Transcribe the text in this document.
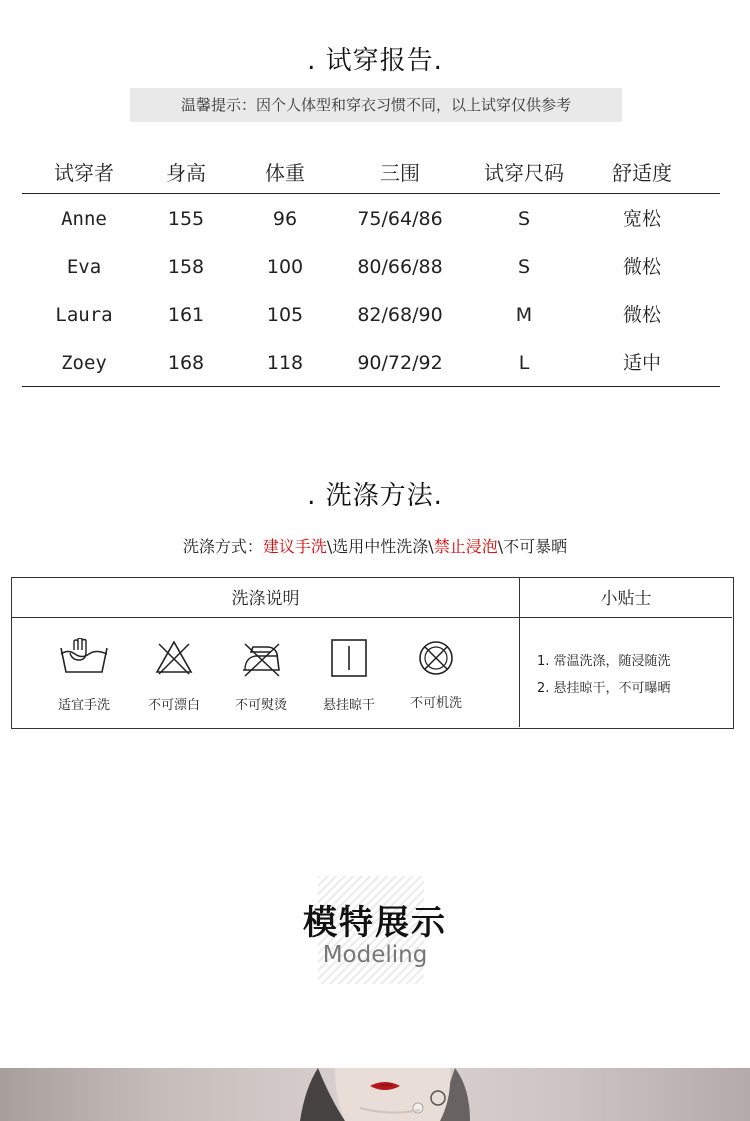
. 试穿报告.
温馨提示：因个人体型和穿衣习惯不同，以上试穿仅供参考
试穿者	身高	体重	三围	试穿尺码	舒适度
Anne	155	96	75/64/86	S	宽松
Eva	158	100	80/66/88	S	微松
Laura	161	105	82/68/90	M	微松
Zoey	168	118	90/72/92	L	适中
. 洗涤方法.
洗涤方式：建议手洗\选用中性洗涤\禁止浸泡\不可暴晒
洗涤说明	小贴士
适宜手洗	不可漂白	不可熨烫	悬挂晾干	不可机洗
1. 常温洗涤，随浸随洗
2. 悬挂晾干，不可曝晒
模特展示
Modeling
